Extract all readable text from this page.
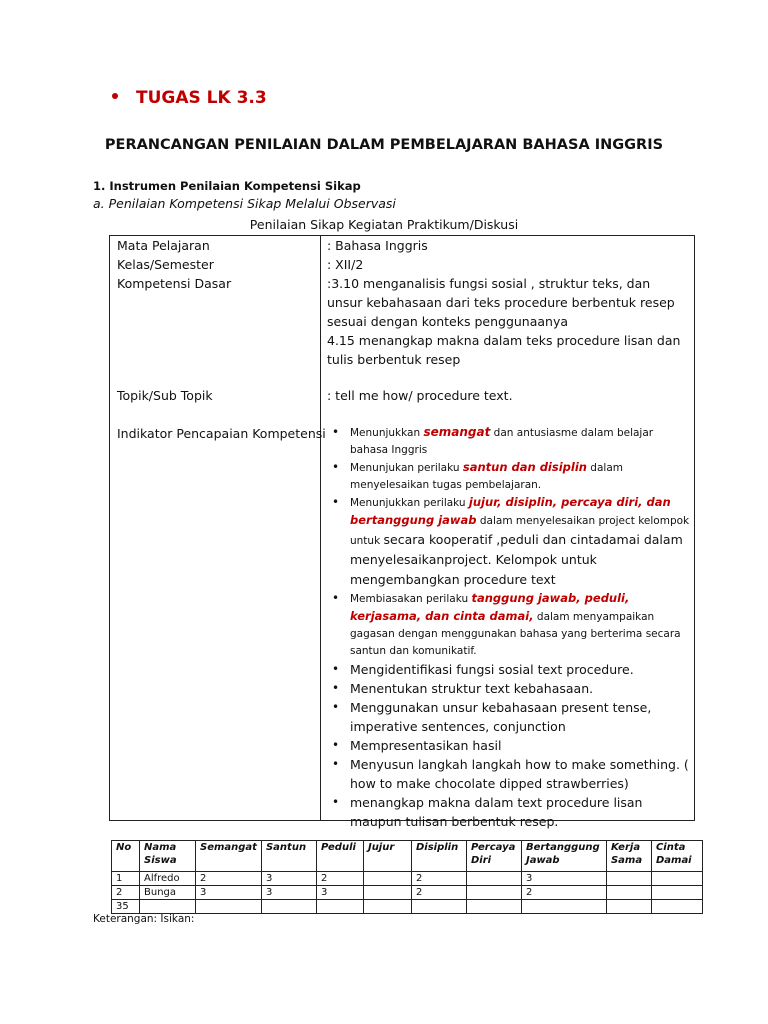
TUGAS LK 3.3
PERANCANGAN PENILAIAN DALAM PEMBELAJARAN BAHASA INGGRIS
1. Instrumen Penilaian Kompetensi Sikap
a. Penilaian Kompetensi Sikap Melalui Observasi
Penilaian Sikap Kegiatan Praktikum/Diskusi
Mata Pelajaran	: Bahasa Inggris
Kelas/Semester	: XII/2
Kompetensi Dasar	:3.10 menganalisis fungsi sosial , struktur teks, dan unsur kebahasaan dari teks procedure berbentuk resep sesuai dengan konteks penggunaanya
4.15 menangkap makna dalam teks procedure lisan dan tulis berbentuk resep
Topik/Sub Topik	: tell me how/ procedure text.
Indikator Pencapaian Kompetensi	• Menunjukkan semangat dan antusiasme dalam belajar bahasa Inggris
• Menunjukan perilaku santun dan disiplin dalam menyelesaikan tugas pembelajaran.
• Menunjukkan perilaku jujur, disiplin, percaya diri, dan bertanggung jawab dalam menyelesaikan project kelompok untuk secara kooperatif ,peduli dan cintadamai dalam menyelesaikanproject. Kelompok untuk mengembangkan procedure text
• Membiasakan perilaku tanggung jawab, peduli, kerjasama, dan cinta damai, dalam menyampaikan gagasan dengan menggunakan bahasa yang berterima secara santun dan komunikatif.
• Mengidentifikasi fungsi sosial text procedure.
• Menentukan struktur text kebahasaan.
• Menggunakan unsur kebahasaan present tense, imperative sentences, conjunction
• Mempresentasikan hasil
• Menyusun langkah langkah how to make something. ( how to make chocolate dipped strawberries)
• menangkap makna dalam text procedure lisan maupun tulisan berbentuk resep.
No	Nama Siswa	Semangat	Santun	Peduli	Jujur	Disiplin	Percaya Diri	Bertanggung Jawab	Kerja Sama	Cinta Damai
1	Alfredo	2	3	2		2		3		
2	Bunga	3	3	3		2		2		
35										
Keterangan: Isikan:
